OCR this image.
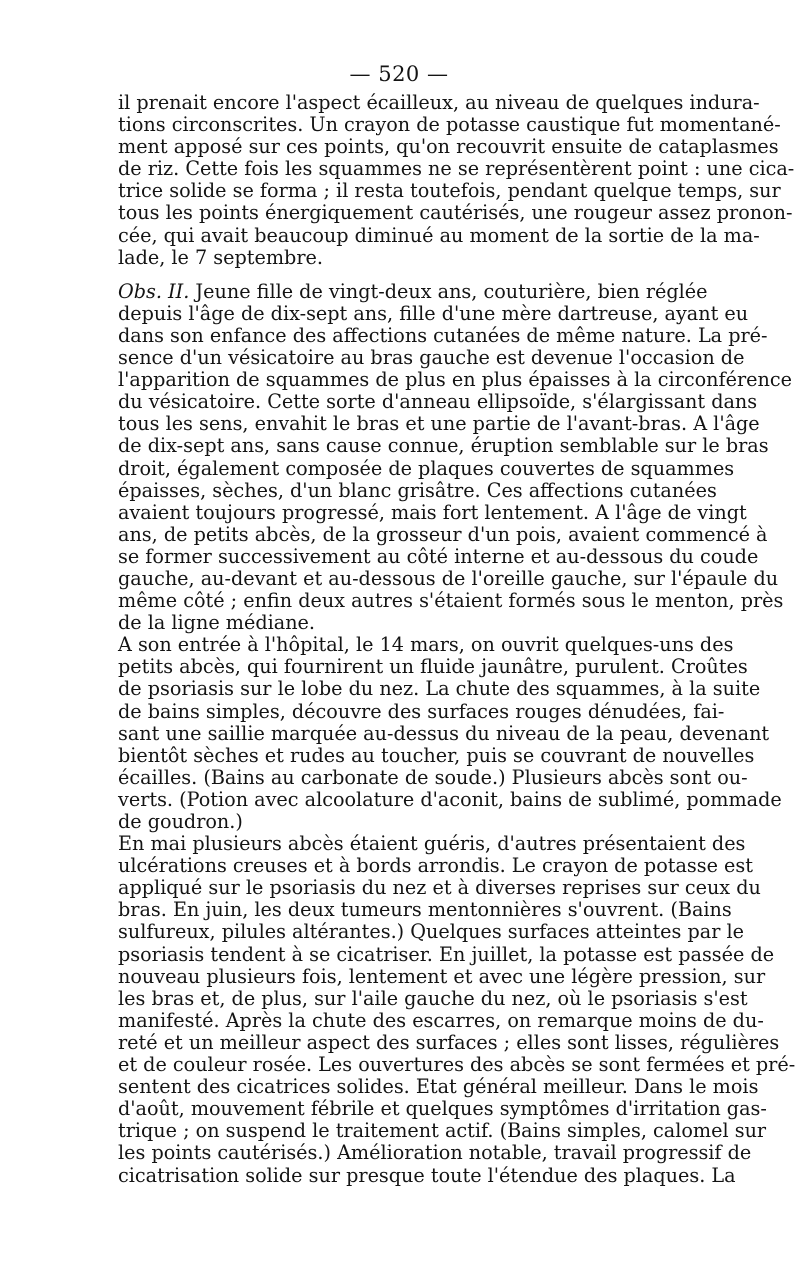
— 520 —
il prenait encore l'aspect écailleux, au niveau de quelques indura-
tions circonscrites. Un crayon de potasse caustique fut momentané-
ment apposé sur ces points, qu'on recouvrit ensuite de cataplasmes
de riz. Cette fois les squammes ne se représentèrent point : une cica-
trice solide se forma ; il resta toutefois, pendant quelque temps, sur
tous les points énergiquement cautérisés, une rougeur assez pronon-
cée, qui avait beaucoup diminué au moment de la sortie de la ma-
lade, le 7 septembre.
Obs. II. Jeune fille de vingt-deux ans, couturière, bien réglée
depuis l'âge de dix-sept ans, fille d'une mère dartreuse, ayant eu
dans son enfance des affections cutanées de même nature. La pré-
sence d'un vésicatoire au bras gauche est devenue l'occasion de
l'apparition de squammes de plus en plus épaisses à la circonférence
du vésicatoire. Cette sorte d'anneau ellipsoïde, s'élargissant dans
tous les sens, envahit le bras et une partie de l'avant-bras. A l'âge
de dix-sept ans, sans cause connue, éruption semblable sur le bras
droit, également composée de plaques couvertes de squammes
épaisses, sèches, d'un blanc grisâtre. Ces affections cutanées
avaient toujours progressé, mais fort lentement. A l'âge de vingt
ans, de petits abcès, de la grosseur d'un pois, avaient commencé à
se former successivement au côté interne et au-dessous du coude
gauche, au-devant et au-dessous de l'oreille gauche, sur l'épaule du
même côté ; enfin deux autres s'étaient formés sous le menton, près
de la ligne médiane.
A son entrée à l'hôpital, le 14 mars, on ouvrit quelques-uns des
petits abcès, qui fournirent un fluide jaunâtre, purulent. Croûtes
de psoriasis sur le lobe du nez. La chute des squammes, à la suite
de bains simples, découvre des surfaces rouges dénudées, fai-
sant une saillie marquée au-dessus du niveau de la peau, devenant
bientôt sèches et rudes au toucher, puis se couvrant de nouvelles
écailles. (Bains au carbonate de soude.) Plusieurs abcès sont ou-
verts. (Potion avec alcoolature d'aconit, bains de sublimé, pommade
de goudron.)
En mai plusieurs abcès étaient guéris, d'autres présentaient des
ulcérations creuses et à bords arrondis. Le crayon de potasse est
appliqué sur le psoriasis du nez et à diverses reprises sur ceux du
bras. En juin, les deux tumeurs mentonnières s'ouvrent. (Bains
sulfureux, pilules altérantes.) Quelques surfaces atteintes par le
psoriasis tendent à se cicatriser. En juillet, la potasse est passée de
nouveau plusieurs fois, lentement et avec une légère pression, sur
les bras et, de plus, sur l'aile gauche du nez, où le psoriasis s'est
manifesté. Après la chute des escarres, on remarque moins de du-
reté et un meilleur aspect des surfaces ; elles sont lisses, régulières
et de couleur rosée. Les ouvertures des abcès se sont fermées et pré-
sentent des cicatrices solides. Etat général meilleur. Dans le mois
d'août, mouvement fébrile et quelques symptômes d'irritation gas-
trique ; on suspend le traitement actif. (Bains simples, calomel sur
les points cautérisés.) Amélioration notable, travail progressif de
cicatrisation solide sur presque toute l'étendue des plaques. La
